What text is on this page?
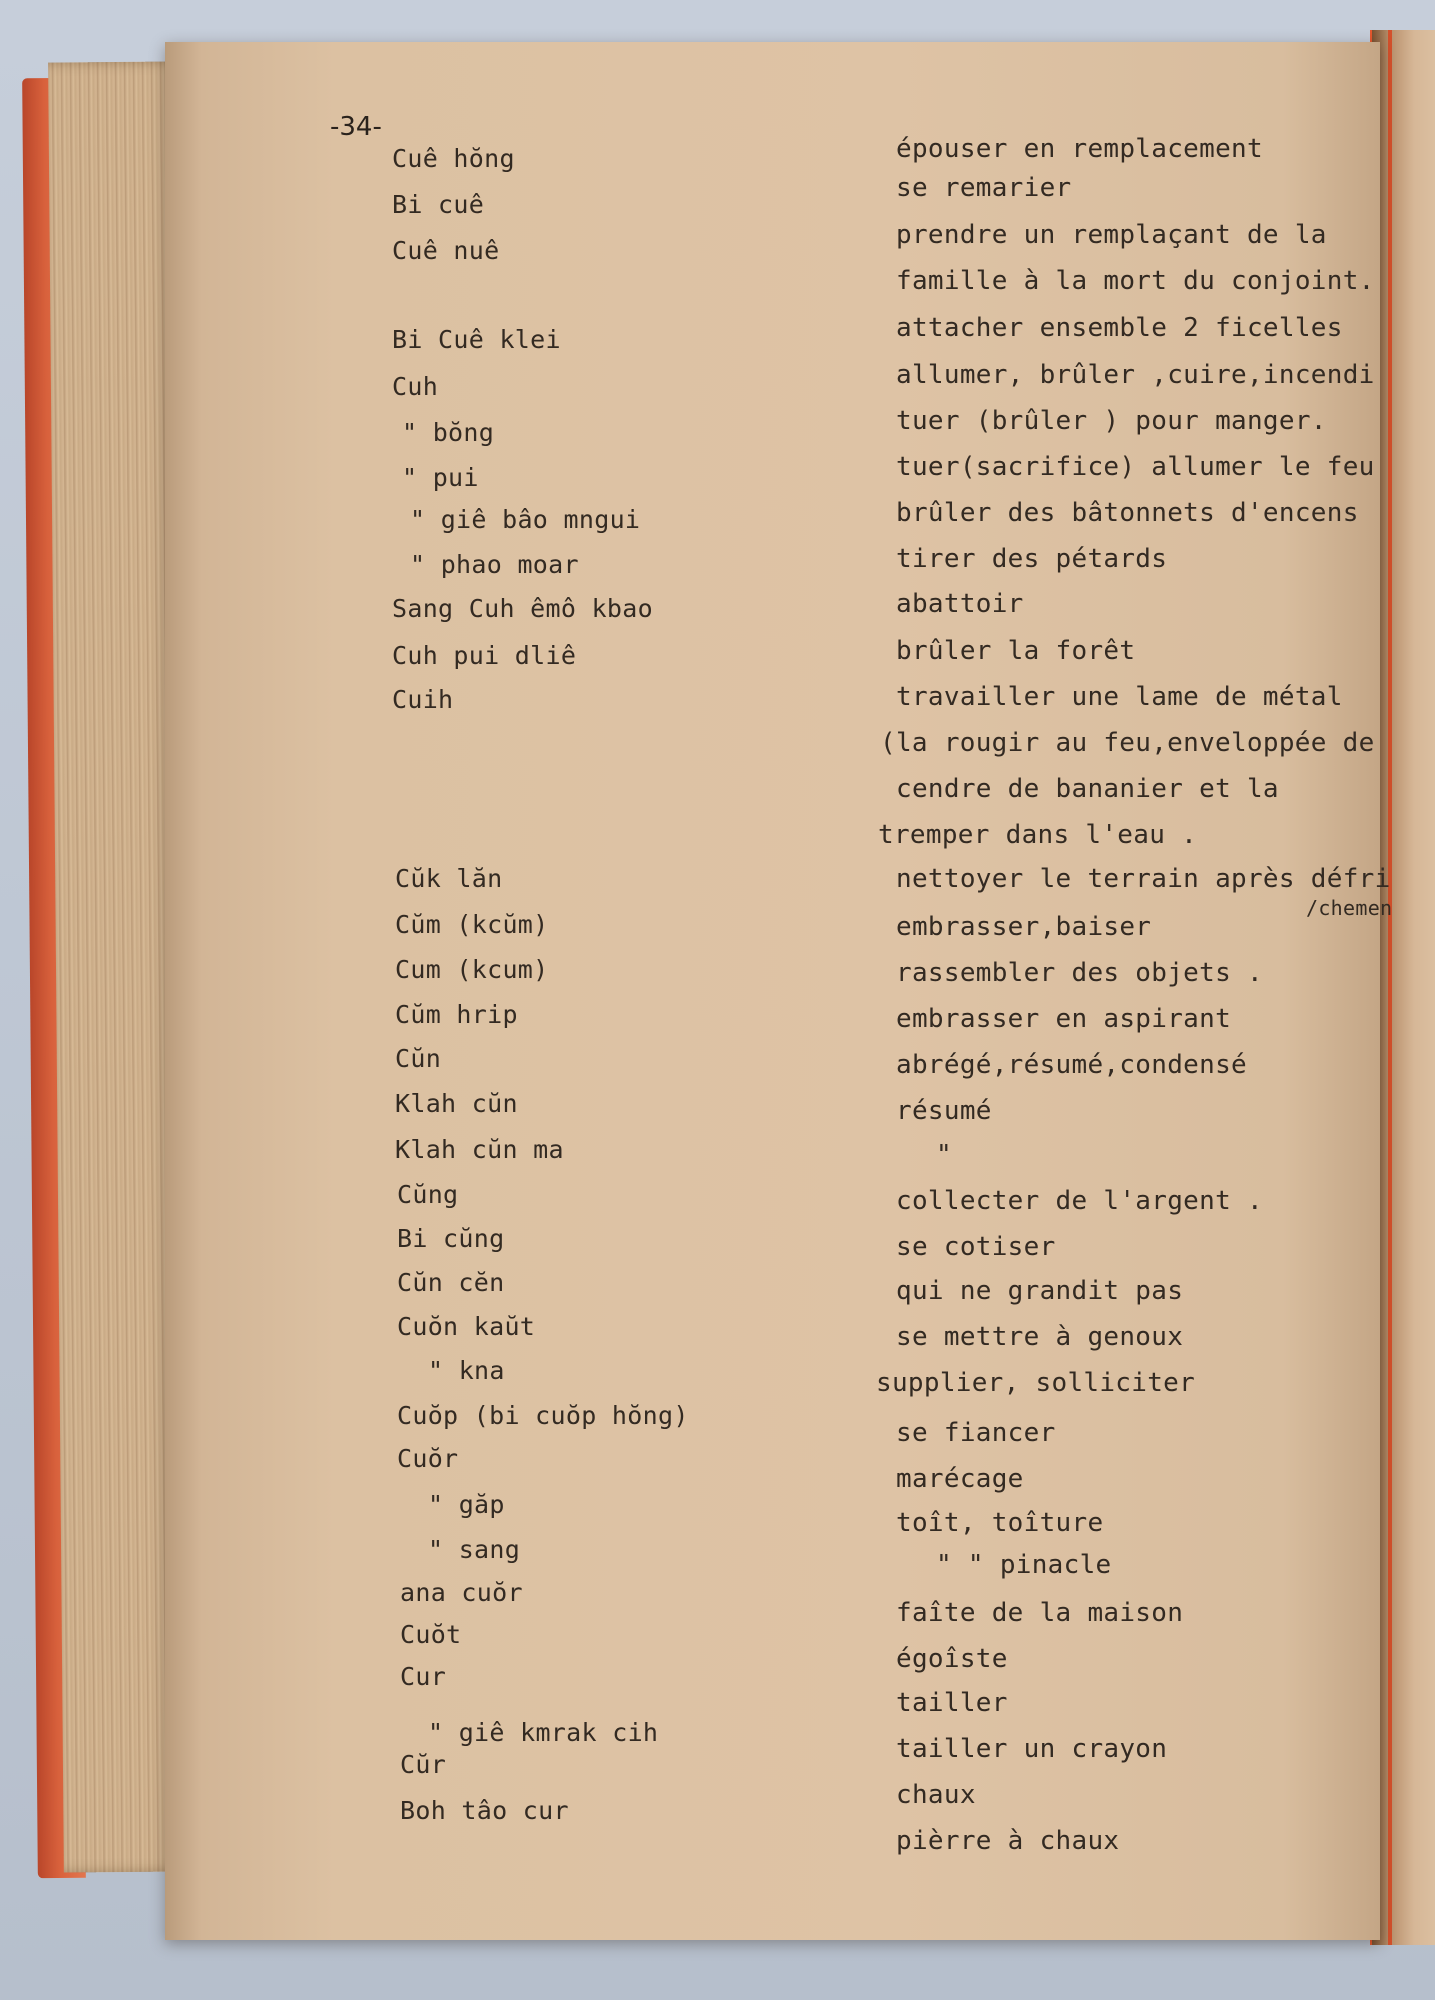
-34-
Cuê hŏng
Bi cuê
Cuê nuê
Bi Cuê klei
Cuh
" bŏng
" pui
" giê bâo mngui
" phao moar
Sang Cuh êmô kbao
Cuh pui dliê
Cuih
Cŭk lăn
Cŭm (kcŭm)
Cum (kcum)
Cŭm hrip
Cŭn
Klah cŭn
Klah cŭn ma
Cŭng
Bi cŭng
Cŭn cĕn
Cuŏn kaŭt
" kna
Cuŏp (bi cuŏp hŏng)
Cuŏr
" găp
" sang
ana cuŏr
Cuŏt
Cur
" giê kmrak cih
Cŭr
Boh tâo cur
épouser en remplacement
se remarier
prendre un remplaçant de la
famille à la mort du conjoint.
attacher ensemble 2 ficelles
allumer, brûler ,cuire,incendi
tuer (brûler ) pour manger.
tuer(sacrifice) allumer le feu
brûler des bâtonnets d'encens
tirer des pétards
abattoir
brûler la forêt
travailler une lame de métal
(la rougir au feu,enveloppée de
cendre de bananier et la
tremper dans l'eau .
nettoyer le terrain après défri
/chemen
embrasser,baiser
rassembler des objets .
embrasser en aspirant
abrégé,résumé,condensé
résumé
"
collecter de l'argent .
se cotiser
qui ne grandit pas
se mettre à genoux
supplier, solliciter
se fiancer
marécage
toît, toîture
" " pinacle
faîte de la maison
égoîste
tailler
tailler un crayon
chaux
pièrre à chaux
